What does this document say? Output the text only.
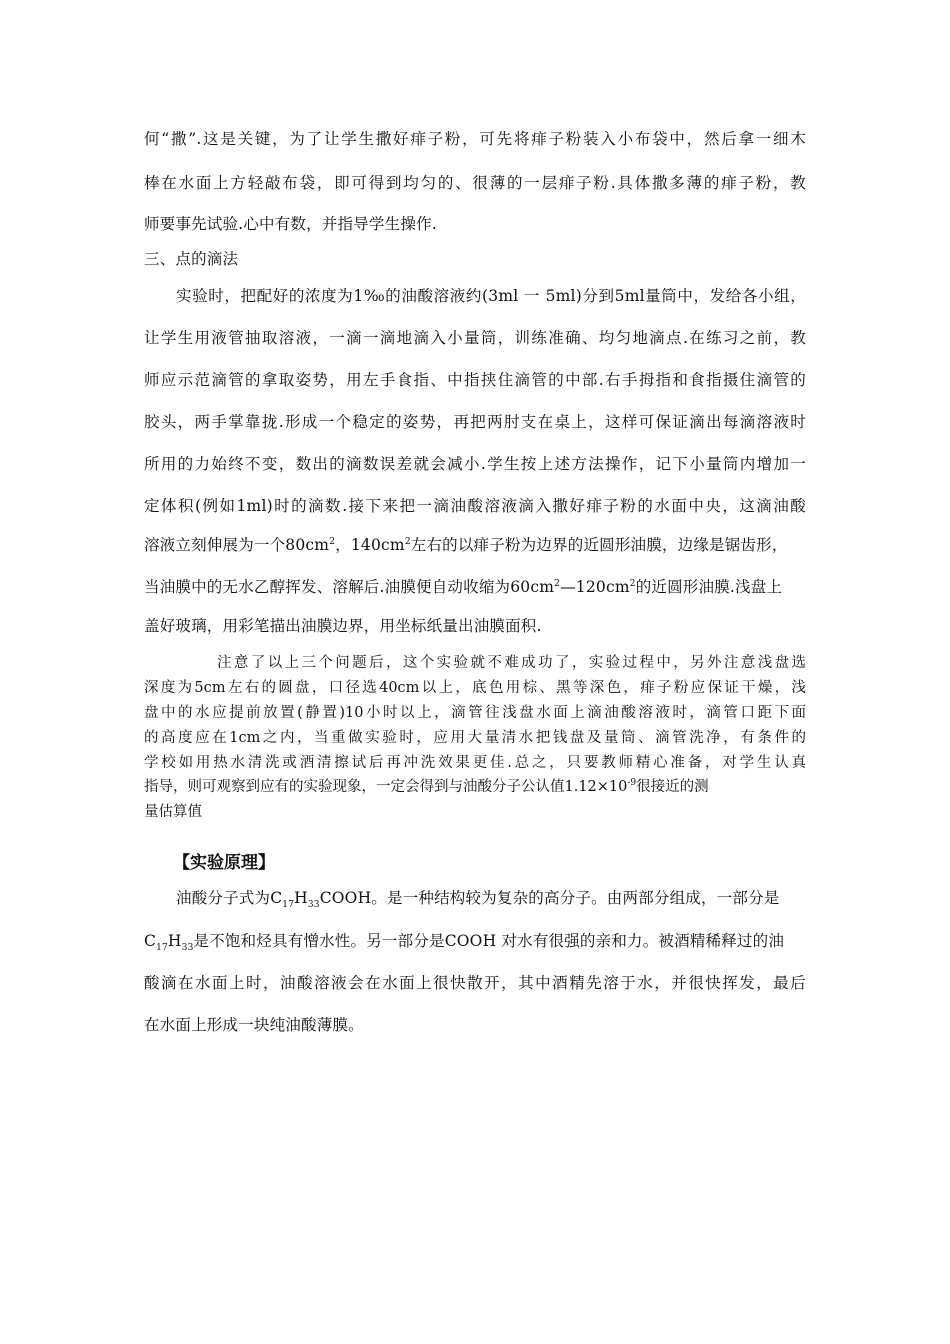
何“撒”.这是关键，为了让学生撒好痱子粉，可先将痱子粉装入小布袋中，然后拿一细木
棒在水面上方轻敲布袋，即可得到均匀的、很薄的一层痱子粉.具体撒多薄的痱子粉，教
师要事先试验.心中有数，并指导学生操作.
三、点的滴法
实验时，把配好的浓度为1‰的油酸溶液约(3ml 一 5ml)分到5ml量筒中，发给各小组，
让学生用液管抽取溶液，一滴一滴地滴入小量筒，训练准确、均匀地滴点.在练习之前，教
师应示范滴管的拿取姿势，用左手食指、中指挟住滴管的中部.右手拇指和食指摄住滴管的
胶头，两手掌靠拢.形成一个稳定的姿势，再把两肘支在桌上，这样可保证滴出每滴溶液时
所用的力始终不变，数出的滴数误差就会减小.学生按上述方法操作，记下小量筒内增加一
定体积(例如1ml)时的滴数.接下来把一滴油酸溶液滴入撒好痱子粉的水面中央，这滴油酸
溶液立刻伸展为一个$80cm^2$，$140cm^2$左右的以痱子粉为边界的近圆形油膜，边缘是锯齿形，
当油膜中的无水乙醇挥发、溶解后.油膜便自动收缩为$60cm^2—120cm^2$的近圆形油膜.浅盘上
盖好玻璃，用彩笔描出油膜边界，用坐标纸量出油膜面积.
注意了以上三个问题后，这个实验就不难成功了，实验过程中，另外注意浅盘选
深度为5cm左右的圆盘，口径选40cm以上，底色用棕、黑等深色，痱子粉应保证干燥，浅
盘中的水应提前放置(静置)10小时以上，滴管往浅盘水面上滴油酸溶液时，滴管口距下面
的高度应在1cm之内，当重做实验时，应用大量清水把钱盘及量筒、滴管洗净，有条件的
学校如用热水清洗或酒清擦试后再冲洗效果更佳.总之，只要教师精心准备，对学生认真
指导，则可观察到应有的实验现象，一定会得到与油酸分子公认值$1.12\times 10^{-9}$很接近的测
量估算值
【实验原理】
油酸分子式为$C_{17}H_{33}COOH$。是一种结构较为复杂的高分子。由两部分组成，一部分是
$C_{17}H_{33}$是不饱和烃具有憎水性。另一部分是COOH 对水有很强的亲和力。被酒精稀释过的油
酸滴在水面上时，油酸溶液会在水面上很快散开，其中酒精先溶于水，并很快挥发，最后
在水面上形成一块纯油酸薄膜。
